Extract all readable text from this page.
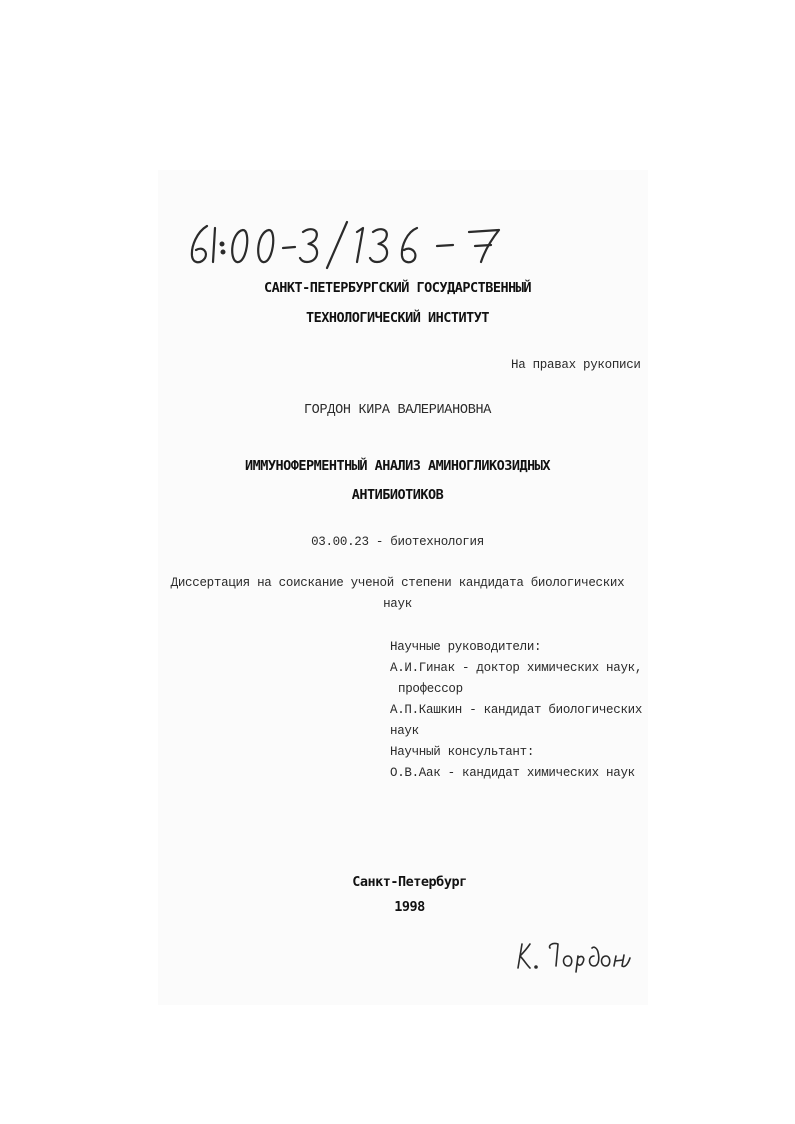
САНКТ-ПЕТЕРБУРГСКИЙ ГОСУДАРСТВЕННЫЙ
ТЕХНОЛОГИЧЕСКИЙ ИНСТИТУТ
На правах рукописи
ГОРДОН КИРА ВАЛЕРИАНОВНА
ИММУНОФЕРМЕНТНЫЙ АНАЛИЗ АМИНОГЛИКОЗИДНЫХ
АНТИБИОТИКОВ
03.00.23 - биотехнология
Диссертация на соискание ученой степени кандидата биологических
наук
Научные руководители:
А.И.Гинак - доктор химических наук,
профессор
А.П.Кашкин - кандидат биологических
наук
Научный консультант:
О.В.Аак - кандидат химических наук
Санкт-Петербург
1998
